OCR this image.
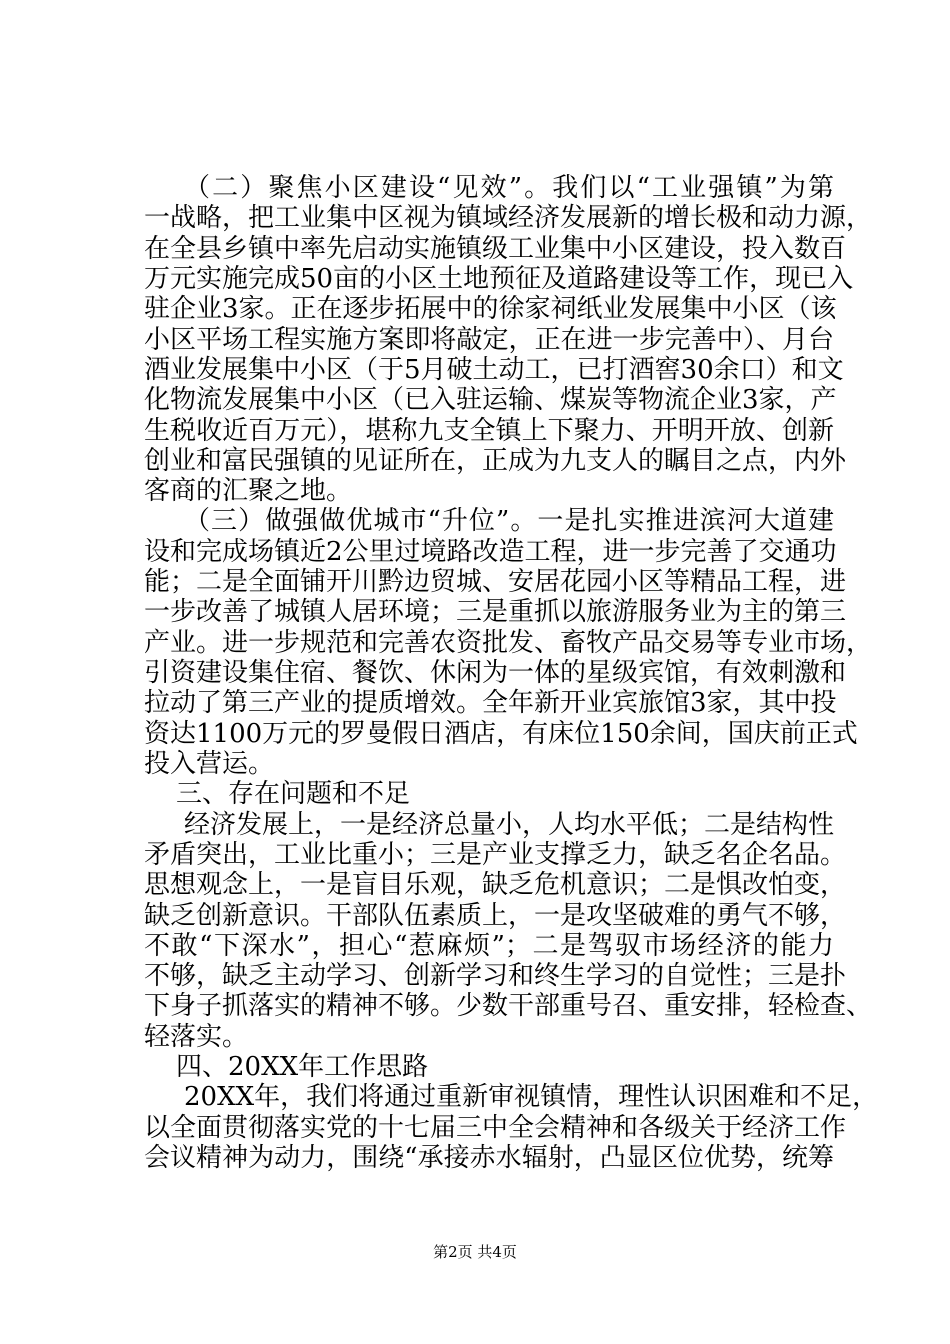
（二）聚焦小区建设“见效”。我们以“工业强镇”为第
一战略，把工业集中区视为镇域经济发展新的增长极和动力源，
在全县乡镇中率先启动实施镇级工业集中小区建设，投入数百
万元实施完成50亩的小区土地预征及道路建设等工作，现已入
驻企业3家。正在逐步拓展中的徐家祠纸业发展集中小区（该
小区平场工程实施方案即将敲定，正在进一步完善中）、月台
酒业发展集中小区（于5月破土动工，已打酒窖30余口）和文
化物流发展集中小区（已入驻运输、煤炭等物流企业3家，产
生税收近百万元），堪称九支全镇上下聚力、开明开放、创新
创业和富民强镇的见证所在，正成为九支人的瞩目之点，内外
客商的汇聚之地。
（三）做强做优城市“升位”。一是扎实推进滨河大道建
设和完成场镇近2公里过境路改造工程，进一步完善了交通功
能；二是全面铺开川黔边贸城、安居花园小区等精品工程，进
一步改善了城镇人居环境；三是重抓以旅游服务业为主的第三
产业。进一步规范和完善农资批发、畜牧产品交易等专业市场，
引资建设集住宿、餐饮、休闲为一体的星级宾馆，有效刺激和
拉动了第三产业的提质增效。全年新开业宾旅馆3家，其中投
资达1100万元的罗曼假日酒店，有床位150余间，国庆前正式
投入营运。
三、存在问题和不足
经济发展上，一是经济总量小，人均水平低；二是结构性
矛盾突出，工业比重小；三是产业支撑乏力，缺乏名企名品。
思想观念上，一是盲目乐观，缺乏危机意识；二是惧改怕变，
缺乏创新意识。干部队伍素质上，一是攻坚破难的勇气不够，
不敢“下深水”，担心“惹麻烦”；二是驾驭市场经济的能力
不够，缺乏主动学习、创新学习和终生学习的自觉性；三是扑
下身子抓落实的精神不够。少数干部重号召、重安排，轻检查、
轻落实。
四、20XX年工作思路
20XX年，我们将通过重新审视镇情，理性认识困难和不足，
以全面贯彻落实党的十七届三中全会精神和各级关于经济工作
会议精神为动力，围绕“承接赤水辐射，凸显区位优势，统筹
第2页 共4页
